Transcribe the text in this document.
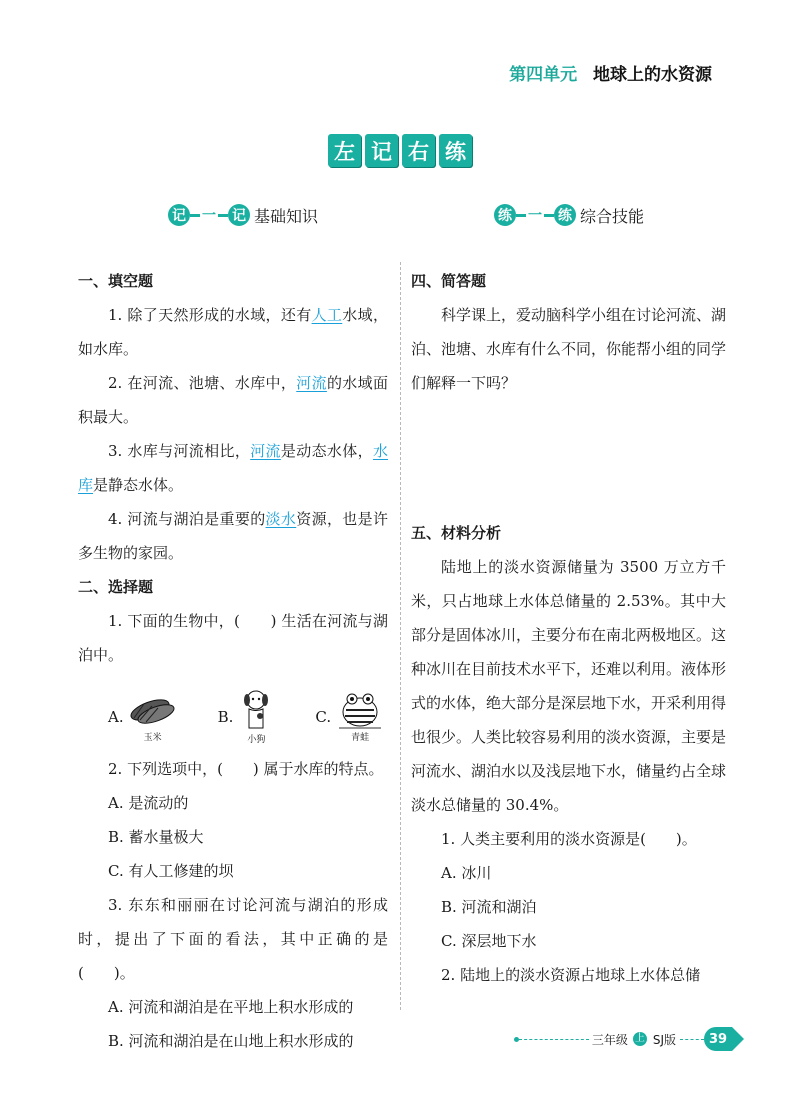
第四单元 地球上的水资源
左 记 右 练
记 一 记 基础知识	练 一 练 综合技能
一、填空题
1. 除了天然形成的水域，还有人工水域，如水库。
2. 在河流、池塘、水库中，河流的水域面积最大。
3. 水库与河流相比，河流是动态水体，水库是静态水体。
4. 河流与湖泊是重要的淡水资源，也是许多生物的家园。
二、选择题
1. 下面的生物中，(　　) 生活在河流与湖泊中。
A.
玉米
B.
小狗
C.
青蛙
2. 下列选项中，(　　) 属于水库的特点。
A. 是流动的
B. 蓄水量极大
C. 有人工修建的坝
3. 东东和丽丽在讨论河流与湖泊的形成时，提出了下面的看法，其中正确的是(　　)。
A. 河流和湖泊是在平地上积水形成的
B. 河流和湖泊是在山地上积水形成的
四、简答题
科学课上，爱动脑科学小组在讨论河流、湖泊、池塘、水库有什么不同，你能帮小组的同学们解释一下吗？
五、材料分析
陆地上的淡水资源储量为 3500 万立方千米，只占地球上水体总储量的 2.53%。其中大部分是固体冰川，主要分布在南北两极地区。这种冰川在目前技术水平下，还难以利用。液体形式的水体，绝大部分是深层地下水，开采利用得也很少。人类比较容易利用的淡水资源，主要是河流水、湖泊水以及浅层地下水，储量约占全球淡水总储量的 30.4%。
1. 人类主要利用的淡水资源是(　　)。
A. 冰川
B. 河流和湖泊
C. 深层地下水
2. 陆地上的淡水资源占地球上水体总储
三年级 上 SJ版	39
